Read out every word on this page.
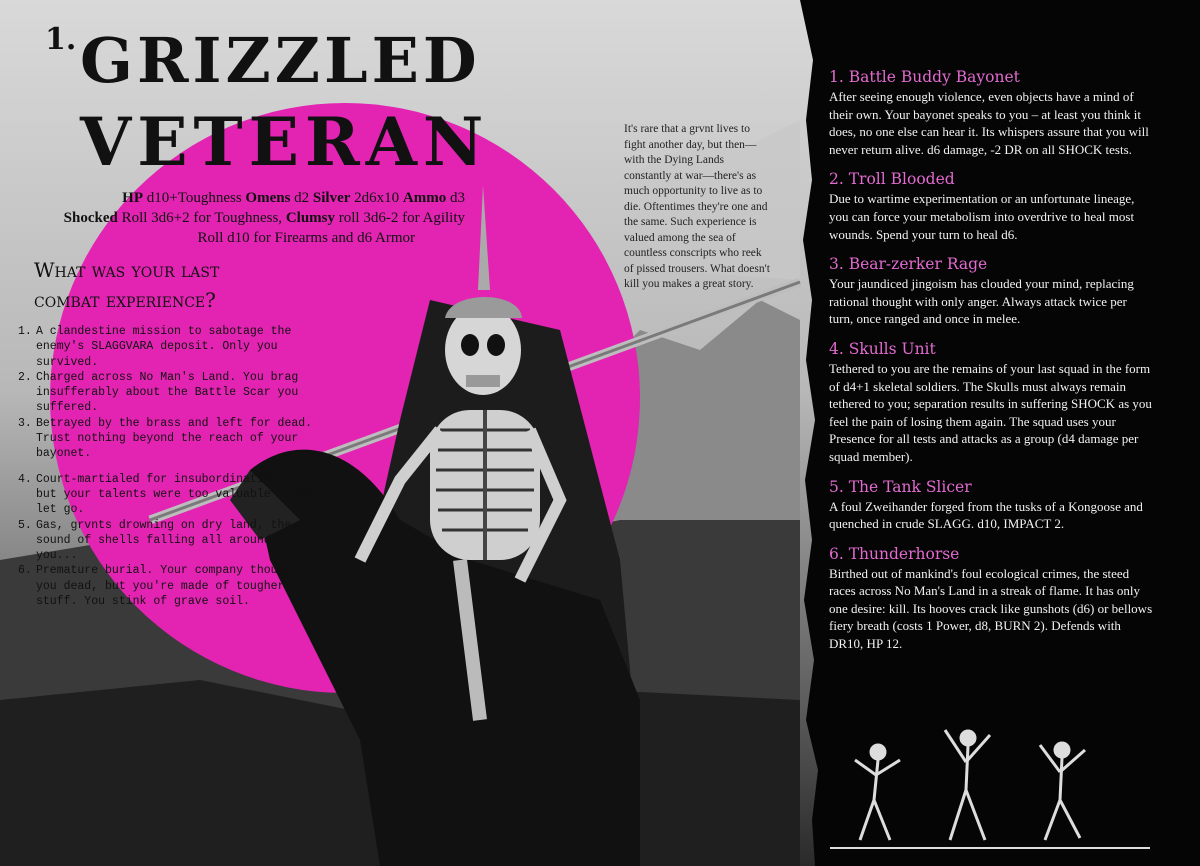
1. GRIZZLED
VETERAN
HP d10+Toughness Omens d2 Silver 2d6x10 Ammo d3
Shocked Roll 3d6+2 for Toughness, Clumsy roll 3d6-2 for Agility
Roll d10 for Firearms and d6 Armor
What was your last
combat experience?
1. A clandestine mission to sabotage the enemy's SLAGGVARA deposit. Only you survived.
2. Charged across No Man's Land. You brag insufferably about the Battle Scar you suffered.
3. Betrayed by the brass and left for dead. Trust nothing beyond the reach of your bayonet.
4. Court-martialed for insubordination... but your talents were too valuable to be let go.
5. Gas, grvnts drowning on dry land, the sound of shells falling all around you...
6. Premature burial. Your company thought you dead, but you're made of tougher stuff. You stink of grave soil.
It's rare that a grvnt lives to fight another day, but then—with the Dying Lands constantly at war—there's as much opportunity to live as to die. Oftentimes they're one and the same. Such experience is valued among the sea of countless conscripts who reek of pissed trousers. What doesn't kill you makes a great story.
1. Battle Buddy Bayonet

After seeing enough violence, even objects have a mind of their own. Your bayonet speaks to you – at least you think it does, no one else can hear it. Its whispers assure that you will never return alive. d6 damage, -2 DR on all SHOCK tests.

2. Troll Blooded

Due to wartime experimentation or an unfortunate lineage, you can force your metabolism into overdrive to heal most wounds. Spend your turn to heal d6.

3. Bear-zerker Rage

Your jaundiced jingoism has clouded your mind, replacing rational thought with only anger. Always attack twice per turn, once ranged and once in melee.

4. Skulls Unit

Tethered to you are the remains of your last squad in the form of d4+1 skeletal soldiers. The Skulls must always remain tethered to you; separation results in suffering SHOCK as you feel the pain of losing them again. The squad uses your Presence for all tests and attacks as a group (d4 damage per squad member).

5. The Tank Slicer

A foul Zweihander forged from the tusks of a Kongoose and quenched in crude SLAGG. d10, IMPACT 2.

6. Thunderhorse

Birthed out of mankind's foul ecological crimes, the steed races across No Man's Land in a streak of flame. It has only one desire: kill. Its hooves crack like gunshots (d6) or bellows fiery breath (costs 1 Power, d8, BURN 2). Defends with DR10, HP 12.
